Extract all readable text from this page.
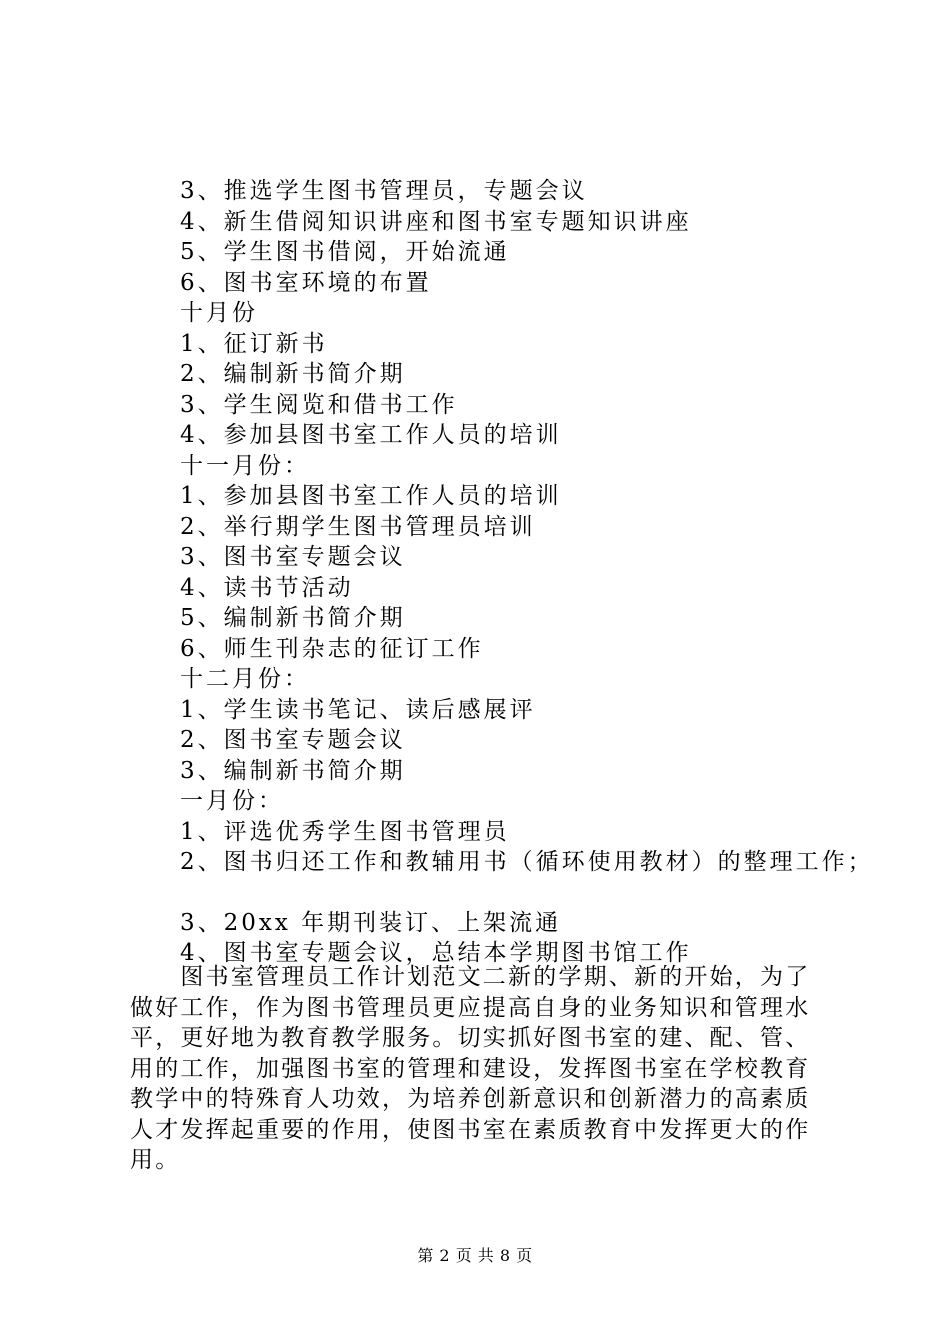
3、推选学生图书管理员，专题会议
4、新生借阅知识讲座和图书室专题知识讲座
5、学生图书借阅，开始流通
6、图书室环境的布置
十月份
1、征订新书
2、编制新书简介期
3、学生阅览和借书工作
4、参加县图书室工作人员的培训
十一月份：
1、参加县图书室工作人员的培训
2、举行期学生图书管理员培训
3、图书室专题会议
4、读书节活动
5、编制新书简介期
6、师生刊杂志的征订工作
十二月份：
1、学生读书笔记、读后感展评
2、图书室专题会议
3、编制新书简介期
一月份：
1、评选优秀学生图书管理员
2、图书归还工作和教辅用书（循环使用教材）的整理工作；
3、20xx 年期刊装订、上架流通
4、图书室专题会议，总结本学期图书馆工作
　　图书室管理员工作计划范文二新的学期、新的开始，为了
做好工作，作为图书管理员更应提高自身的业务知识和管理水
平，更好地为教育教学服务。切实抓好图书室的建、配、管、
用的工作，加强图书室的管理和建设，发挥图书室在学校教育
教学中的特殊育人功效，为培养创新意识和创新潜力的高素质
人才发挥起重要的作用，使图书室在素质教育中发挥更大的作
用。
第 2 页 共 8 页
